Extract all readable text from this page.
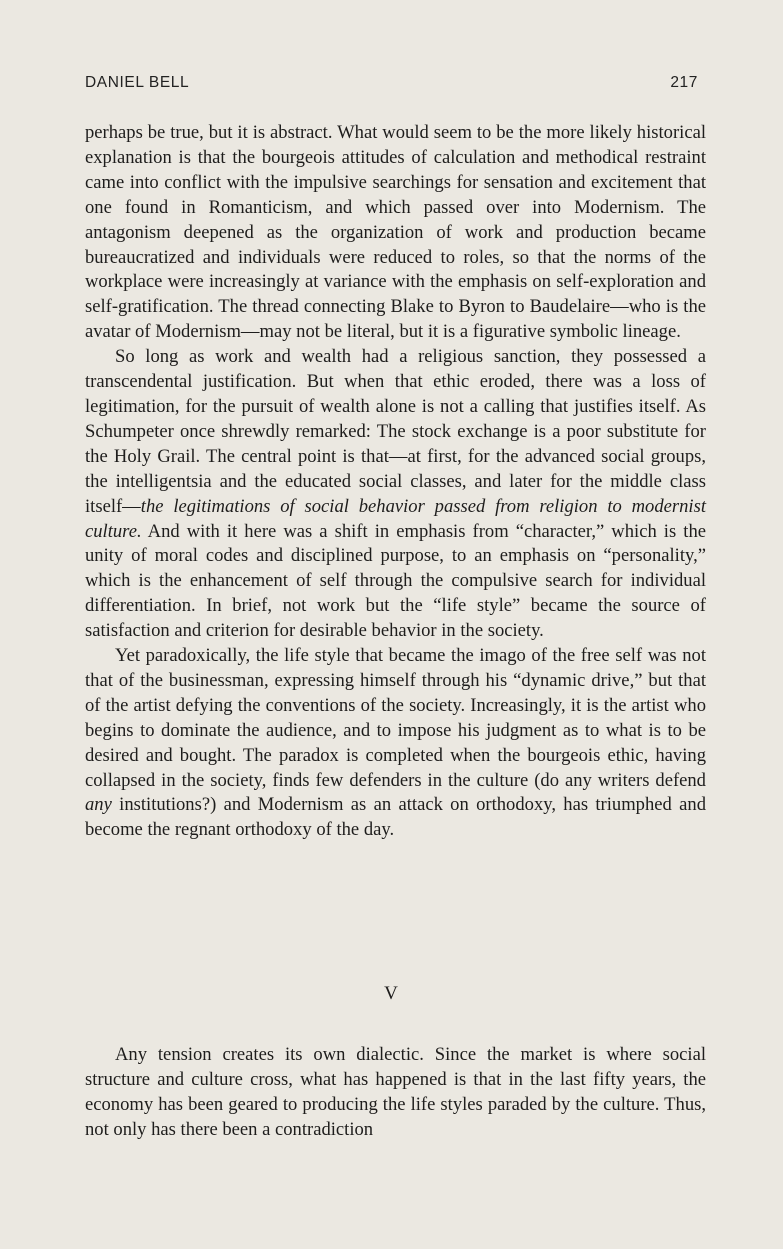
DANIEL BELL	217

perhaps be true, but it is abstract. What would seem to be the more likely historical explanation is that the bourgeois attitudes of calculation and methodical restraint came into conflict with the impulsive searchings for sensation and excitement that one found in Romanticism, and which passed over into Modernism. The antagonism deepened as the organization of work and production became bureaucratized and individuals were reduced to roles, so that the norms of the workplace were increasingly at variance with the emphasis on self-exploration and self-gratification. The thread connecting Blake to Byron to Baudelaire—who is the avatar of Modernism—may not be literal, but it is a figurative symbolic lineage.

So long as work and wealth had a religious sanction, they possessed a transcendental justification. But when that ethic eroded, there was a loss of legitimation, for the pursuit of wealth alone is not a calling that justifies itself. As Schumpeter once shrewdly remarked: The stock exchange is a poor substitute for the Holy Grail. The central point is that—at first, for the advanced social groups, the intelligentsia and the educated social classes, and later for the middle class itself—the legitimations of social behavior passed from religion to modernist culture. And with it here was a shift in emphasis from “character,” which is the unity of moral codes and disciplined purpose, to an emphasis on “personality,” which is the enhancement of self through the compulsive search for individual differentiation. In brief, not work but the “life style” became the source of satisfaction and criterion for desirable behavior in the society.

Yet paradoxically, the life style that became the imago of the free self was not that of the businessman, expressing himself through his “dynamic drive,” but that of the artist defying the conventions of the society. Increasingly, it is the artist who begins to dominate the audience, and to impose his judgment as to what is to be desired and bought. The paradox is completed when the bourgeois ethic, having collapsed in the society, finds few defenders in the culture (do any writers defend any institutions?) and Modernism as an attack on orthodoxy, has triumphed and become the regnant orthodoxy of the day.

V

Any tension creates its own dialectic. Since the market is where social structure and culture cross, what has happened is that in the last fifty years, the economy has been geared to producing the life styles paraded by the culture. Thus, not only has there been a contradiction
